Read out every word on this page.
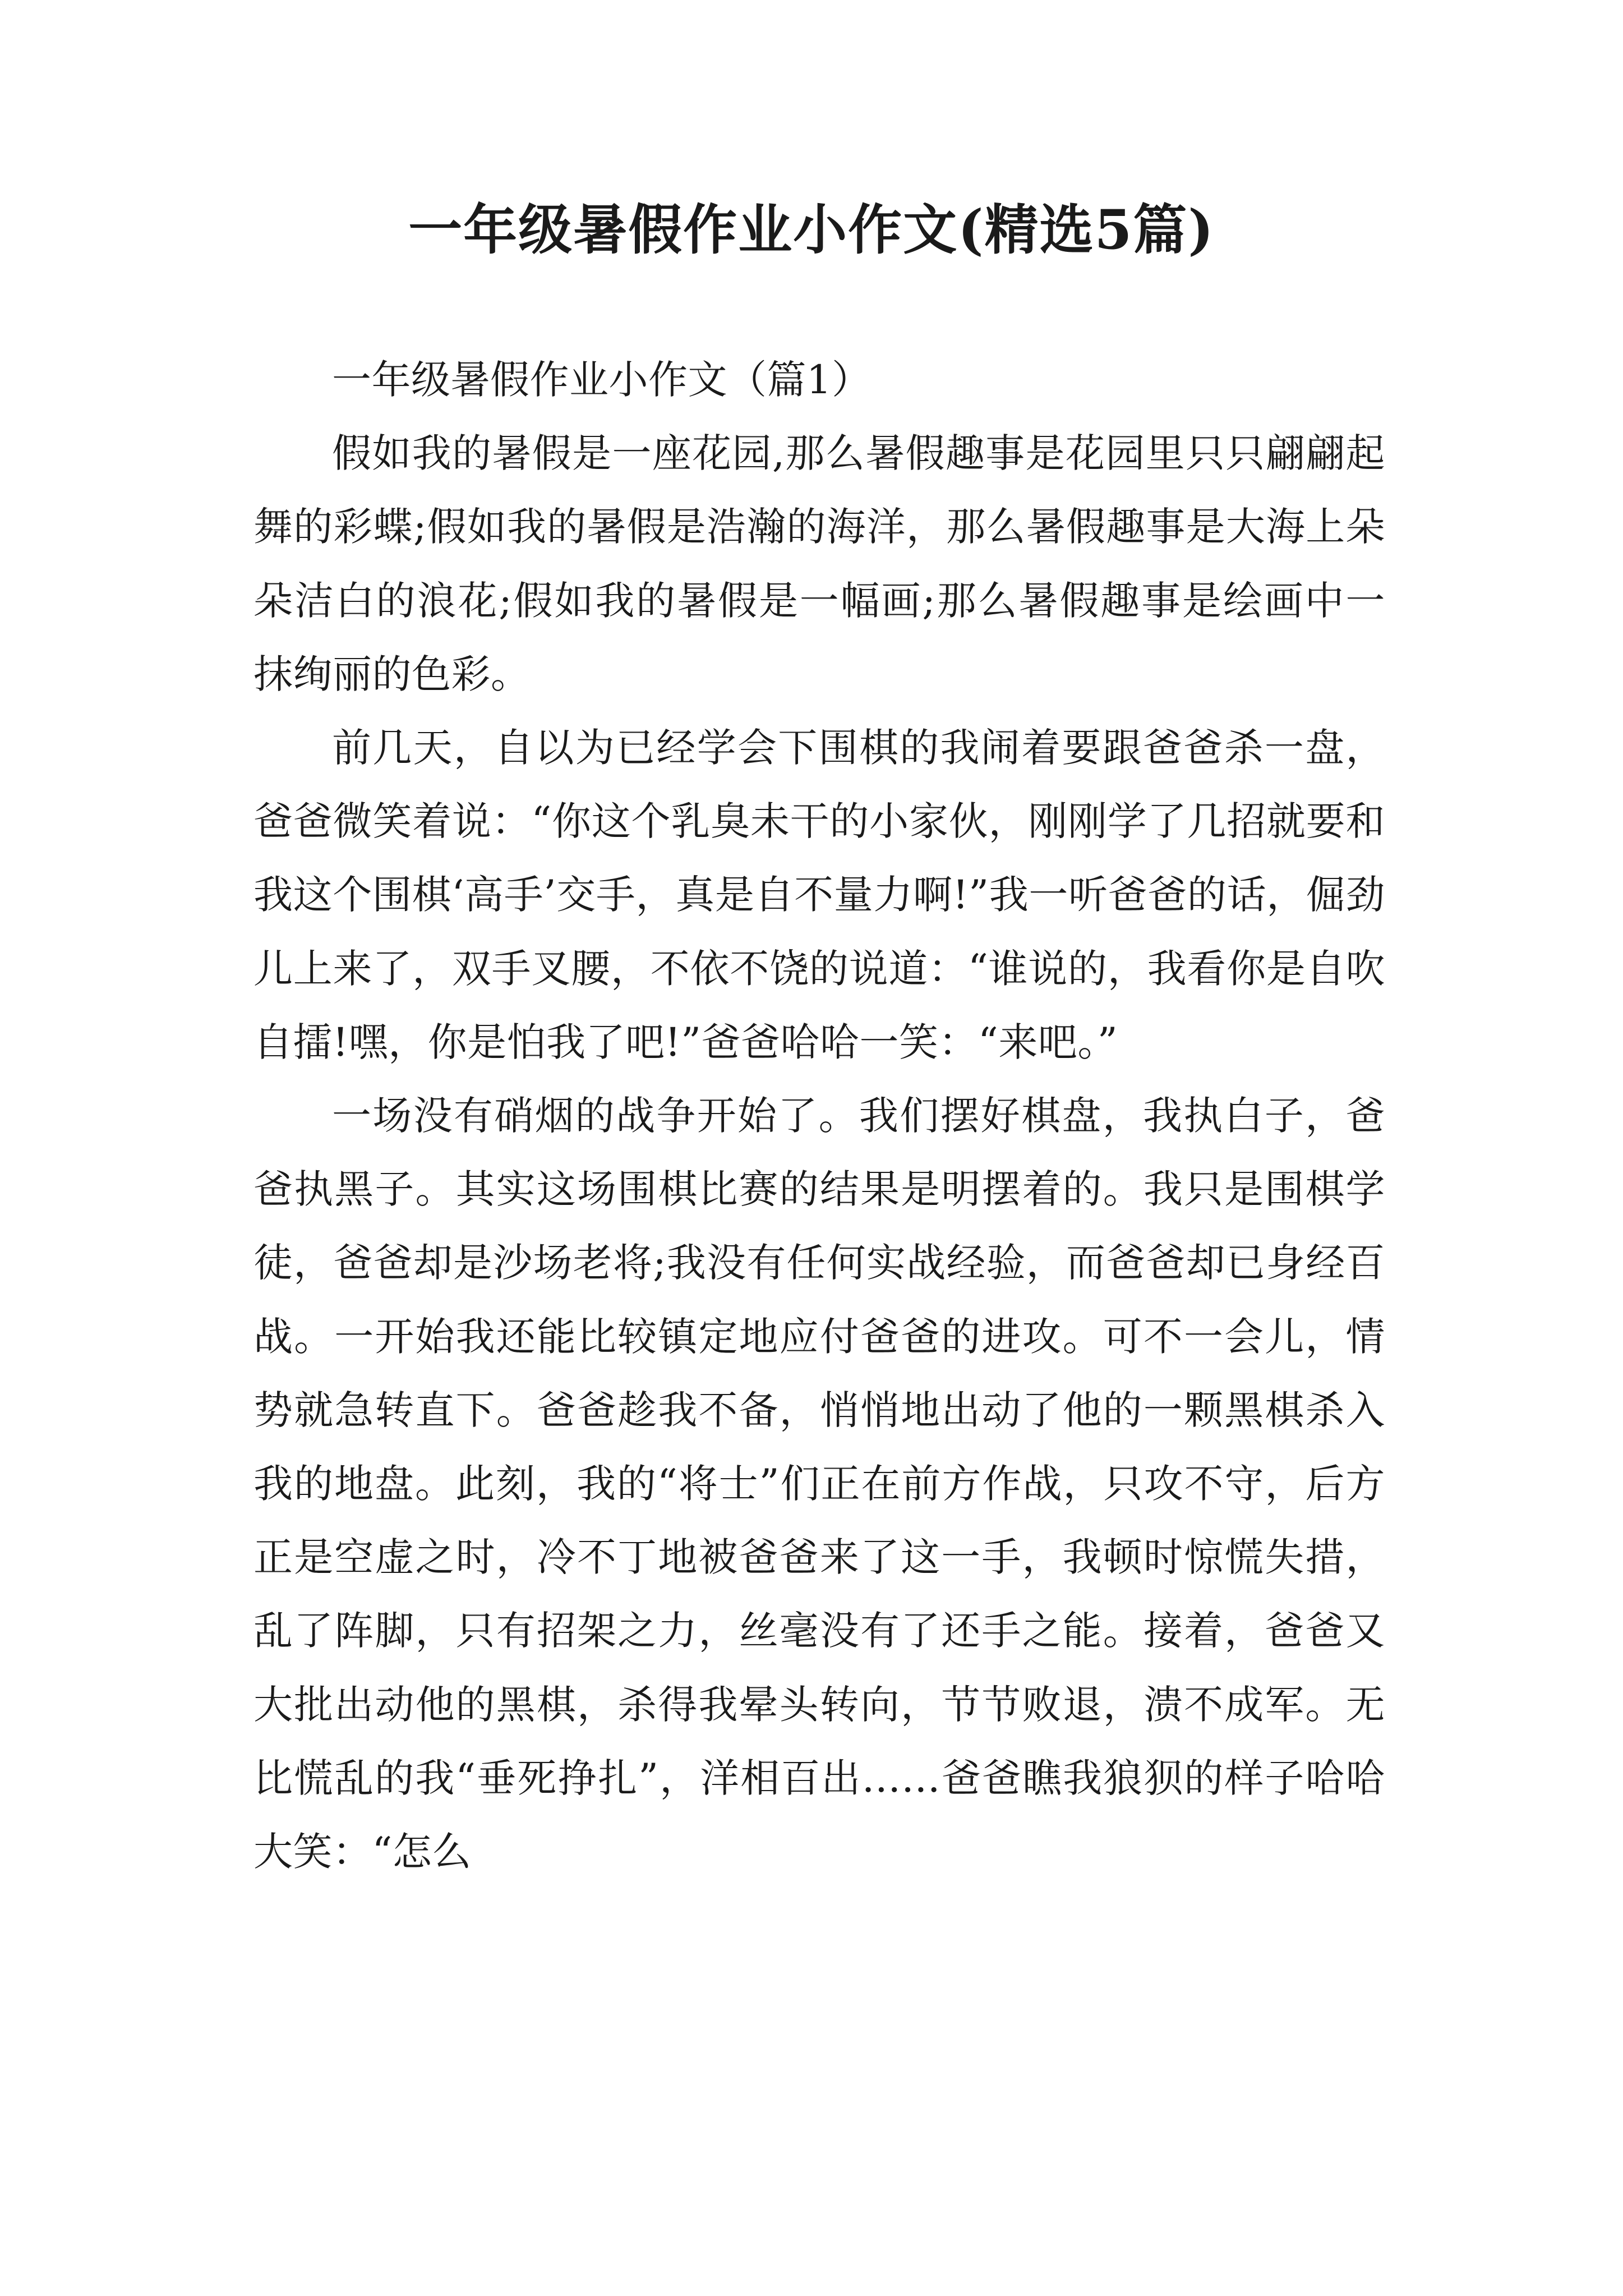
一年级暑假作业小作文(精选5篇)

一年级暑假作业小作文（篇1）

假如我的暑假是一座花园,那么暑假趣事是花园里只只翩翩起舞的彩蝶;假如我的暑假是浩瀚的海洋，那么暑假趣事是大海上朵朵洁白的浪花;假如我的暑假是一幅画;那么暑假趣事是绘画中一抹绚丽的色彩。

前几天，自以为已经学会下围棋的我闹着要跟爸爸杀一盘，爸爸微笑着说：“你这个乳臭未干的小家伙，刚刚学了几招就要和我这个围棋‘高手’交手，真是自不量力啊!”我一听爸爸的话，倔劲儿上来了，双手叉腰，不依不饶的说道：“谁说的，我看你是自吹自擂!嘿，你是怕我了吧!”爸爸哈哈一笑：“来吧。”

一场没有硝烟的战争开始了。我们摆好棋盘，我执白子，爸爸执黑子。其实这场围棋比赛的结果是明摆着的。我只是围棋学徒，爸爸却是沙场老将;我没有任何实战经验，而爸爸却已身经百战。一开始我还能比较镇定地应付爸爸的进攻。可不一会儿，情势就急转直下。爸爸趁我不备，悄悄地出动了他的一颗黑棋杀入我的地盘。此刻，我的“将士”们正在前方作战，只攻不守，后方正是空虚之时，冷不丁地被爸爸来了这一手，我顿时惊慌失措，乱了阵脚，只有招架之力，丝毫没有了还手之能。接着，爸爸又大批出动他的黑棋，杀得我晕头转向，节节败退，溃不成军。无比慌乱的我“垂死挣扎”，洋相百出……爸爸瞧我狼狈的样子哈哈大笑：“怎么
